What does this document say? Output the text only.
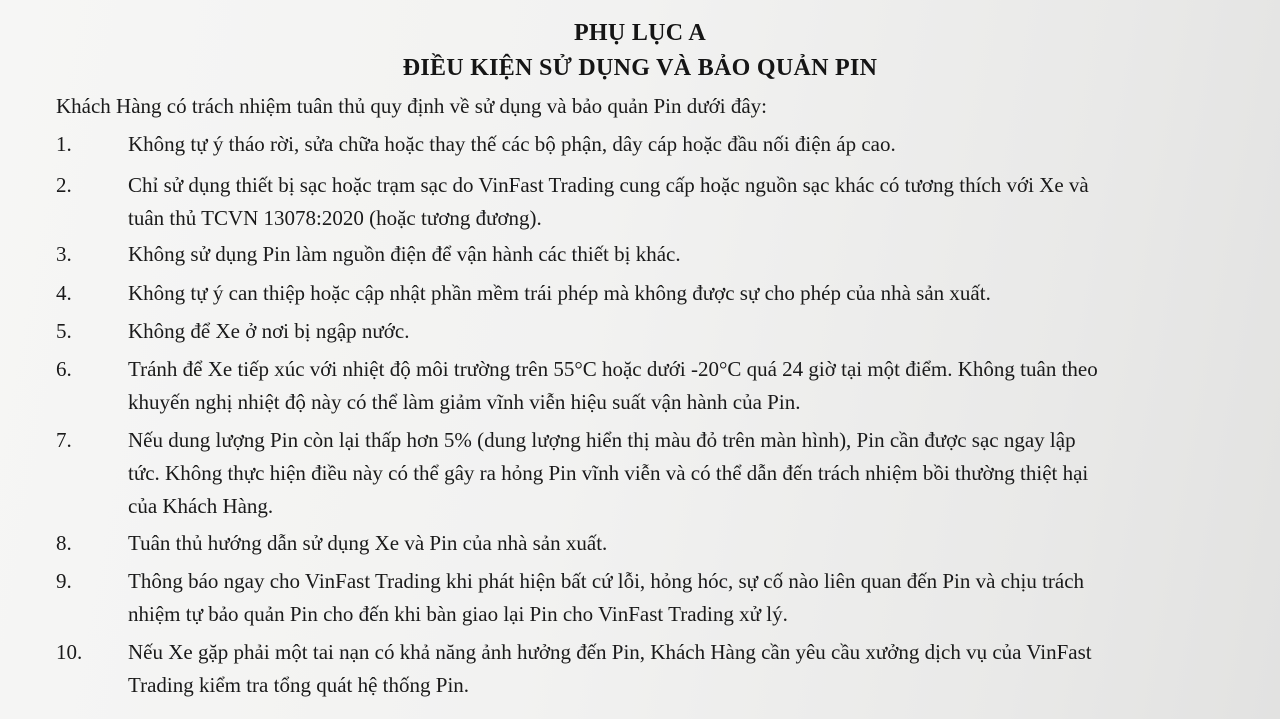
PHỤ LỤC A
ĐIỀU KIỆN SỬ DỤNG VÀ BẢO QUẢN PIN
Khách Hàng có trách nhiệm tuân thủ quy định về sử dụng và bảo quản Pin dưới đây:
1.	Không tự ý tháo rời, sửa chữa hoặc thay thế các bộ phận, dây cáp hoặc đầu nối điện áp cao.
2.	Chỉ sử dụng thiết bị sạc hoặc trạm sạc do VinFast Trading cung cấp hoặc nguồn sạc khác có tương thích với Xe và
tuân thủ TCVN 13078:2020 (hoặc tương đương).
3.	Không sử dụng Pin làm nguồn điện để vận hành các thiết bị khác.
4.	Không tự ý can thiệp hoặc cập nhật phần mềm trái phép mà không được sự cho phép của nhà sản xuất.
5.	Không để Xe ở nơi bị ngập nước.
6.	Tránh để Xe tiếp xúc với nhiệt độ môi trường trên 55°C hoặc dưới -20°C quá 24 giờ tại một điểm. Không tuân theo
khuyến nghị nhiệt độ này có thể làm giảm vĩnh viễn hiệu suất vận hành của Pin.
7.	Nếu dung lượng Pin còn lại thấp hơn 5% (dung lượng hiển thị màu đỏ trên màn hình), Pin cần được sạc ngay lập
tức. Không thực hiện điều này có thể gây ra hỏng Pin vĩnh viễn và có thể dẫn đến trách nhiệm bồi thường thiệt hại
của Khách Hàng.
8.	Tuân thủ hướng dẫn sử dụng Xe và Pin của nhà sản xuất.
9.	Thông báo ngay cho VinFast Trading khi phát hiện bất cứ lỗi, hỏng hóc, sự cố nào liên quan đến Pin và chịu trách
nhiệm tự bảo quản Pin cho đến khi bàn giao lại Pin cho VinFast Trading xử lý.
10.	Nếu Xe gặp phải một tai nạn có khả năng ảnh hưởng đến Pin, Khách Hàng cần yêu cầu xưởng dịch vụ của VinFast
Trading kiểm tra tổng quát hệ thống Pin.
